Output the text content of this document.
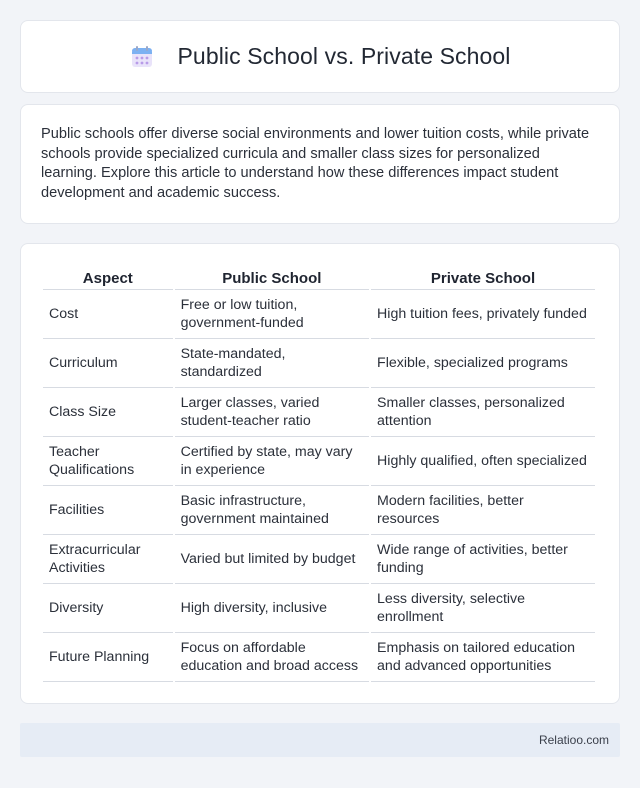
Public School vs. Private School

Public schools offer diverse social environments and lower tuition costs, while private schools provide specialized curricula and smaller class sizes for personalized learning. Explore this article to understand how these differences impact student development and academic success.

Aspect	Public School	Private School
Cost	Free or low tuition, government-funded	High tuition fees, privately funded
Curriculum	State-mandated, standardized	Flexible, specialized programs
Class Size	Larger classes, varied student-teacher ratio	Smaller classes, personalized attention
Teacher Qualifications	Certified by state, may vary in experience	Highly qualified, often specialized
Facilities	Basic infrastructure, government maintained	Modern facilities, better resources
Extracurricular Activities	Varied but limited by budget	Wide range of activities, better funding
Diversity	High diversity, inclusive	Less diversity, selective enrollment
Future Planning	Focus on affordable education and broad access	Emphasis on tailored education and advanced opportunities
Relatioo.com
